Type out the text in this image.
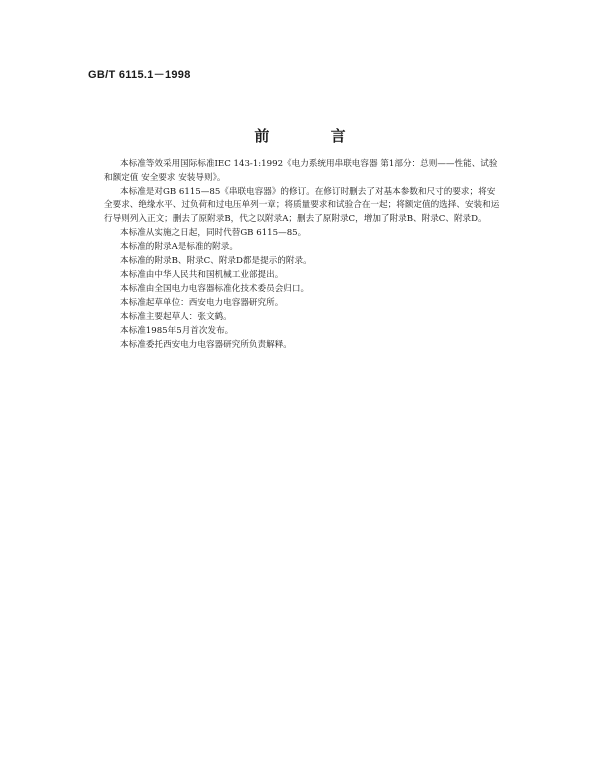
GB/T 6115.1－1998
前 言

本标准等效采用国际标准IEC 143-1:1992《电力系统用串联电容器 第1部分：总则——性能、试验和额定值 安全要求 安装导则》。

本标准是对GB 6115—85《串联电容器》的修订。在修订时删去了对基本参数和尺寸的要求；将安全要求、绝缘水平、过负荷和过电压单列一章；将质量要求和试验合在一起；将额定值的选择、安装和运行导则列入正文；删去了原附录B，代之以附录A；删去了原附录C，增加了附录B、附录C、附录D。

本标准从实施之日起，同时代替GB 6115—85。

本标准的附录A是标准的附录。

本标准的附录B、附录C、附录D都是提示的附录。

本标准由中华人民共和国机械工业部提出。

本标准由全国电力电容器标准化技术委员会归口。

本标准起草单位：西安电力电容器研究所。

本标准主要起草人：张文鹤。

本标准1985年5月首次发布。

本标准委托西安电力电容器研究所负责解释。
